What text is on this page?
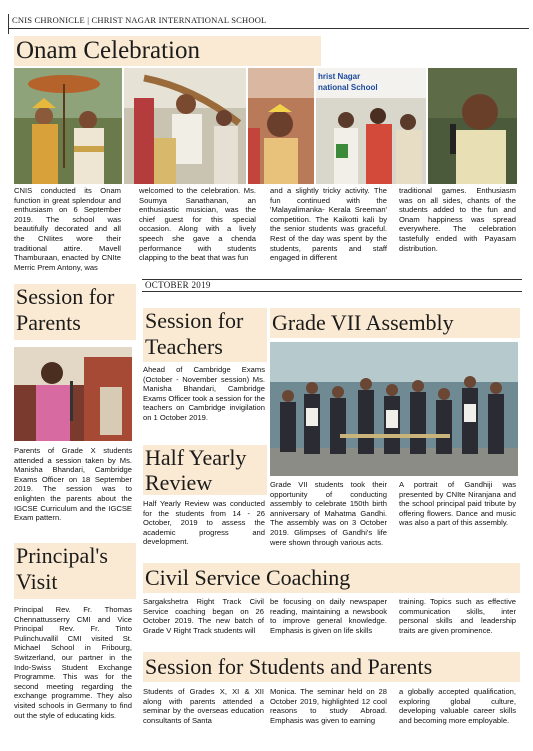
CNIS CHRONICLE | CHRIST NAGAR INTERNATIONAL SCHOOL
Onam Celebration
hrist Nagar
national School
CNIS conducted its Onam function in great splendour and enthusiasm on 6 September 2019. The school was beautifully decorated and all the CNIites wore their traditional attire. Mavell Thamburaan, enacted by CNIte Merric Prem Antony, was
welcomed to the celebration. Ms. Soumya Sanathanan, an enthusiastic musician, was the chief guest for this special occasion. Along with a lively speech she gave a chenda performance with students clapping to the beat that was fun
and a slightly tricky activity. The fun continued with the 'Malayalimanka- Kerala Sreeman' competition. The Kaikotti kali by the senior students was graceful. Rest of the day was spent by the students, parents and staff engaged in different
traditional games. Enthusiasm was on all sides, chants of the students added to the fun and Onam happiness was spread everywhere. The celebration tastefully ended with Payasam distribution.
Session for
Parents
Parents of Grade X students attended a session taken by Ms. Manisha Bhandari, Cambridge Exams Officer on 18 September 2019. The session was to enlighten the parents about the IGCSE Curriculum and the IGCSE Exam pattern.
Principal's
Visit
Principal Rev. Fr. Thomas Chennattusserry CMI and Vice Principal Rev. Fr. Tinto Pulinchuvallil CMI visited St. Michael School in Fribourg, Switzerland, our partner in the Indo-Swiss Student Exchange Programme. This was for the second meeting regarding the exchange programme. They also visited schools in Germany to find out the style of educating kids.
OCTOBER 2019
Session for
Teachers
Ahead of Cambridge Exams (October - November session) Ms. Manisha Bhandari, Cambridge Exams Officer took a session for the teachers on Cambridge invigilation on 1 October 2019.
Half Yearly
Review
Half Yearly Review was conducted for the students from 14 - 26 October, 2019 to assess the academic progress and development.
Grade VII Assembly
Grade VII students took their opportunity of conducting assembly to celebrate 150th birth anniversary of Mahatma Gandhi. The assembly was on 3 October 2019. Glimpses of Gandhi's life were shown through various acts.
A portrait of Gandhiji was presented by CNIte Niranjana and the school principal paid tribute by offering flowers. Dance and music was also a part of this assembly.
Civil Service Coaching
Sargakshetra Right Track Civil Service coaching began on 26 October 2019. The new batch of Grade V Right Track students will
be focusing on daily newspaper reading, maintaining a newsbook to improve general knowledge. Emphasis is given on life skills
training. Topics such as effective communication skills, inter personal skills and leadership traits are given prominence.
Session for Students and Parents
Students of Grades X, XI & XII along with parents attended a seminar by the overseas education consultants of Santa
Monica. The seminar held on 28 October 2019, highlighted 12 cool reasons to study Abroad. Emphasis was given to earning
a globally accepted qualification, exploring global culture, developing valuable career skills and becoming more employable.
